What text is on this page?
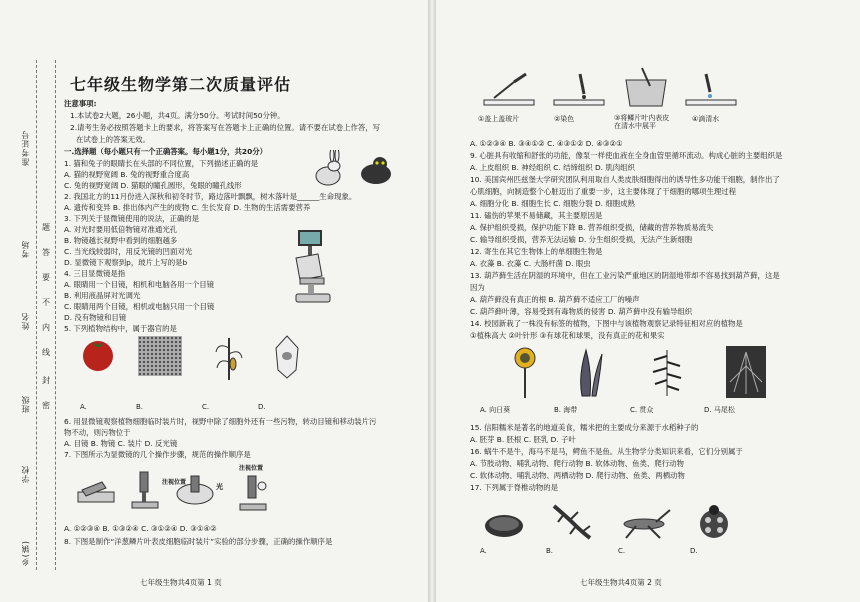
准考证号
考场
姓名
班级
学校
乡(镇)
题
答
要
不
内
线
封
密
七年级生物学第二次质量评估
注意事项:
1.本试卷2大题，26小题，共4页。满分50分。考试时间50分钟。
2.请考生务必按照答题卡上的要求，将答案写在答题卡上正确的位置。请不要在试卷上作答，写
在试卷上的答案无效。
一.选择题（每小题只有一个正确答案。每小题1分，共20分）
1. 猫和兔子的眼睛长在头部的不同位置，下列描述正确的是
A. 猫的视野宽阔 B. 兔的视野重合度高
C. 兔的视野宽阔 D. 猫眼的瞳孔圆形，兔眼的瞳孔线形
2. 我国北方的11月份进入深秋和初冬时节，路边落叶飘飘，树木落叶是______生命现象。
A. 遗传和变异 B. 排出体内产生的废物 C. 生长发育 D. 生物的生活需要营养
3. 下列关于显微镜使用的说法，正确的是
A. 对光时要用低倍物镜对准通光孔
B. 物镜越长视野中看到的细胞越多
C. 当光线较弱时，用反光镜的凹面对光
D. 显微镜下观察到p，玻片上写的是b
4. 三目显微镜是指
A. 眼睛用一个目镜，相机和电脑各用一个目镜
B. 利用液晶屏对光调光
C. 眼睛用两个目镜，相机或电脑只用一个目镜
D. 没有物镜和目镜
5. 下列植物结构中，属于器官的是
A.	B.	C.	D.
6. 用显微镜观察植物细胞临时装片时，视野中除了细胞外还有一些污物，转动目镜和移动装片污
物不动，则污物位于
A. 目镜 B. 物镜 C. 装片 D. 反光镜
7. 下图所示为显微镜的几个操作步骤，规范的操作顺序是
注视位置
光
注视位置
A. ①②③④ B. ①③②④ C. ③①②④ D. ③①④②
8. 下图是制作“洋葱鳞片叶表皮细胞临时装片”实验的部分步骤，正确的操作顺序是
七年级生物共4页第 1 页
①盖上盖玻片	②染色	③将鳞片叶内表皮
在清水中展平
④滴清水
A. ①②③④ B. ③④①② C. ④③①② D. ④③②①
9. 心脏具有收缩和舒张的功能，像泵一样使血液在全身血管里循环流动。构成心脏的主要组织是
A. 上皮组织 B. 神经组织 C. 结缔组织 D. 肌肉组织
10. 美国宾州匹兹堡大学研究团队利用取自人类皮肤细胞得出的诱导性多功能干细胞，制作出了
心肌细胞，向制造整个心脏迈出了重要一步，这主要体现了干细胞的哪项生理过程
A. 细胞分化 B. 细胞生长 C. 细胞分裂 D. 细胞成熟
11. 磕伤的苹果不易储藏，其主要原因是
A. 保护组织受损，保护功能下降 B. 营养组织受损，储藏的营养物质易流失
C. 输导组织受损，营养无法运输 D. 分生组织受损，无法产生新细胞
12. 寄生在其它生物体上的单细胞生物是
A. 衣藻 B. 衣藻 C. 大肠杆菌 D. 眼虫
13. 葫芦藓生活在阴湿的环境中，但在工业污染严重地区的阴湿地带却不容易找到葫芦藓，这是
因为
A. 葫芦藓没有真正的根 B. 葫芦藓不适应工厂的噪声
C. 葫芦藓叶薄，容易受到有毒物质的侵害 D. 葫芦藓中没有输导组织
14. 校园新栽了一株没有标签的植物，下图中与该植物观察记录特征相对应的植物是
①植株高大 ②叶针形 ③有球花和球果，没有真正的花和果实
A. 向日葵	B. 海带	C. 贯众	D. 马尾松
15. 信阳糯米是著名的地道美食，糯米把的主要成分来源于水稻种子的
A. 胚芽 B. 胚根 C. 胚乳 D. 子叶
16. 蜗牛不是牛，海马不是马，鳄鱼不是鱼。从生物学分类知识来看，它们分别属于
A. 节肢动物、哺乳动物、爬行动物 B. 软体动物、鱼类、爬行动物
C. 软体动物、哺乳动物、两栖动物 D. 爬行动物、鱼类、两栖动物
17. 下列属于脊椎动物的是
A.	B.	C.	D.
七年级生物共4页第 2 页
